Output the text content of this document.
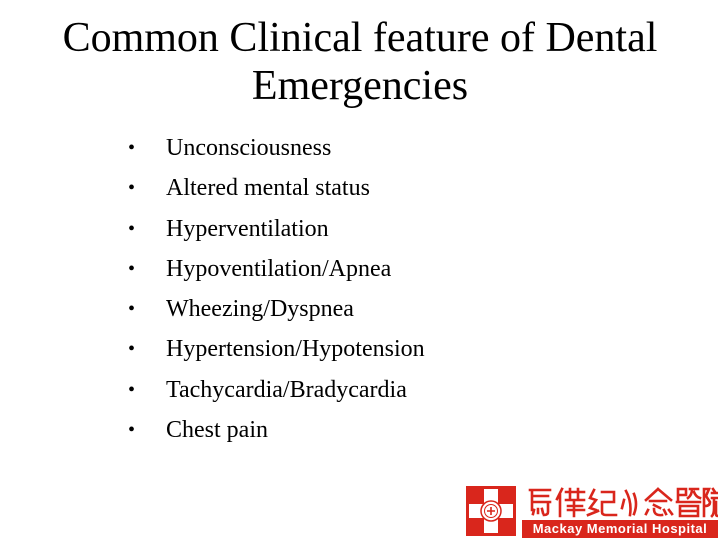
Common Clinical feature of Dental
Emergencies
•	Unconsciousness
•	Altered mental status
•	Hyperventilation
•	Hypoventilation/Apnea
•	Wheezing/Dyspnea
•	Hypertension/Hypotension
•	Tachycardia/Bradycardia
•	Chest pain
Mackay Memorial Hospital
